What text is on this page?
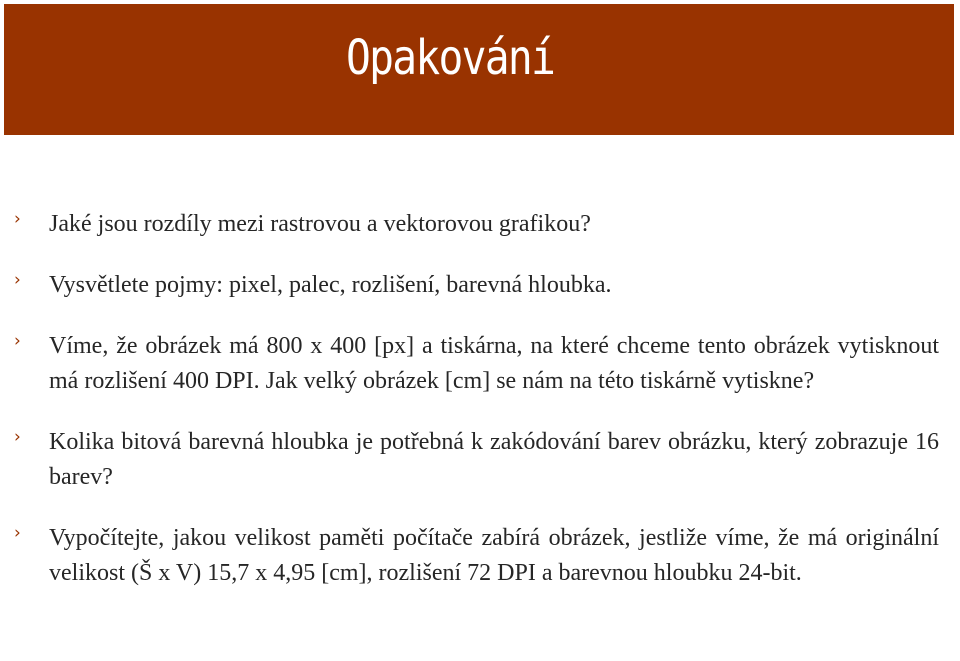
Opakování
› Jaké jsou rozdíly mezi rastrovou a vektorovou grafikou?
› Vysvětlete pojmy: pixel, palec, rozlišení, barevná hloubka.
› Víme, že obrázek má 800 x 400 [px] a tiskárna, na které chceme tento obrázek vytisknout má rozlišení 400 DPI. Jak velký obrázek [cm] se nám na této tiskárně vytiskne?
› Kolika bitová barevná hloubka je potřebná k zakódování barev obrázku, který zobrazuje 16 barev?
› Vypočítejte, jakou velikost paměti počítače zabírá obrázek, jestliže víme, že má originální velikost (Š x V) 15,7 x 4,95 [cm], rozlišení 72 DPI a barevnou hloubku 24-bit.
